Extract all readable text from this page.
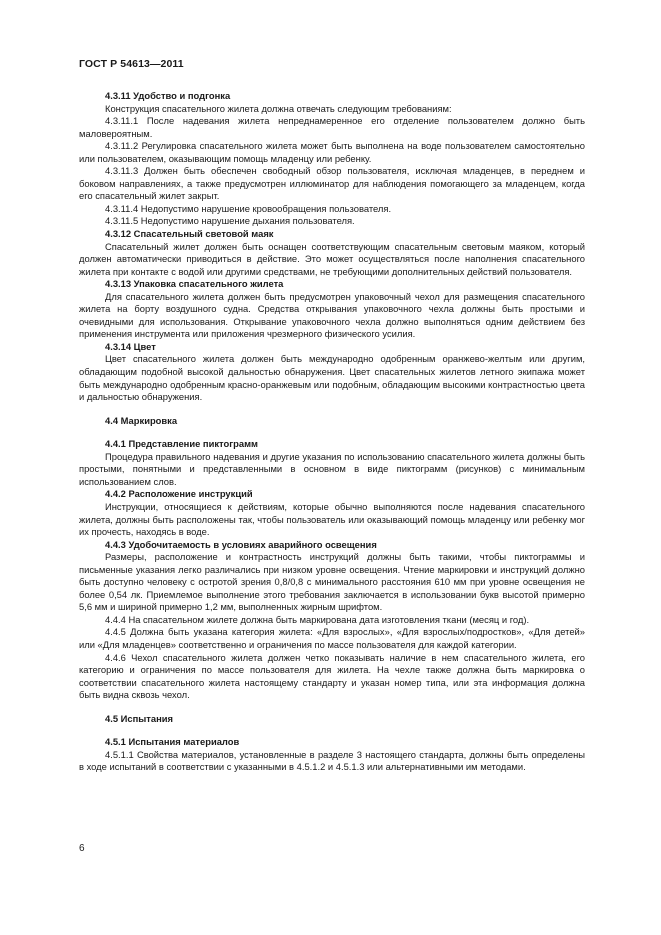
ГОСТ Р 54613—2011

4.3.11 Удобство и подгонка

Конструкция спасательного жилета должна отвечать следующим требованиям:

4.3.11.1 После надевания жилета непреднамеренное его отделение пользователем должно быть маловероятным.

4.3.11.2 Регулировка спасательного жилета может быть выполнена на воде пользователем самостоятельно или пользователем, оказывающим помощь младенцу или ребенку.

4.3.11.3 Должен быть обеспечен свободный обзор пользователя, исключая младенцев, в переднем и боковом направлениях, а также предусмотрен иллюминатор для наблюдения помогающего за младенцем, когда его спасательный жилет закрыт.

4.3.11.4 Недопустимо нарушение кровообращения пользователя.

4.3.11.5 Недопустимо нарушение дыхания пользователя.

4.3.12 Спасательный световой маяк

Спасательный жилет должен быть оснащен соответствующим спасательным световым маяком, который должен автоматически приводиться в действие. Это может осуществляться после наполнения спасательного жилета при контакте с водой или другими средствами, не требующими дополнительных действий пользователя.

4.3.13 Упаковка спасательного жилета

Для спасательного жилета должен быть предусмотрен упаковочный чехол для размещения спасательного жилета на борту воздушного судна. Средства открывания упаковочного чехла должны быть простыми и очевидными для использования. Открывание упаковочного чехла должно выполняться одним действием без применения инструмента или приложения чрезмерного физического усилия.

4.3.14 Цвет

Цвет спасательного жилета должен быть международно одобренным оранжево-желтым или другим, обладающим подобной высокой дальностью обнаружения. Цвет спасательных жилетов летного экипажа может быть международно одобренным красно-оранжевым или подобным, обладающим высокими контрастностью цвета и дальностью обнаружения.

4.4 Маркировка

4.4.1 Представление пиктограмм

Процедура правильного надевания и другие указания по использованию спасательного жилета должны быть простыми, понятными и представленными в основном в виде пиктограмм (рисунков) с минимальным использованием слов.

4.4.2 Расположение инструкций

Инструкции, относящиеся к действиям, которые обычно выполняются после надевания спасательного жилета, должны быть расположены так, чтобы пользователь или оказывающий помощь младенцу или ребенку мог их прочесть, находясь в воде.

4.4.3 Удобочитаемость в условиях аварийного освещения

Размеры, расположение и контрастность инструкций должны быть такими, чтобы пиктограммы и письменные указания легко различались при низком уровне освещения. Чтение маркировки и инструкций должно быть доступно человеку с остротой зрения 0,8/0,8 с минимального расстояния 610 мм при уровне освещения не более 0,54 лк. Приемлемое выполнение этого требования заключается в использовании букв высотой примерно 5,6 мм и шириной примерно 1,2 мм, выполненных жирным шрифтом.

4.4.4 На спасательном жилете должна быть маркирована дата изготовления ткани (месяц и год).

4.4.5 Должна быть указана категория жилета: «Для взрослых», «Для взрослых/подростков», «Для детей» или «Для младенцев» соответственно и ограничения по массе пользователя для каждой категории.

4.4.6 Чехол спасательного жилета должен четко показывать наличие в нем спасательного жилета, его категорию и ограничения по массе пользователя для жилета. На чехле также должна быть маркировка о соответствии спасательного жилета настоящему стандарту и указан номер типа, или эта информация должна быть видна сквозь чехол.

4.5 Испытания

4.5.1 Испытания материалов

4.5.1.1 Свойства материалов, установленные в разделе 3 настоящего стандарта, должны быть определены в ходе испытаний в соответствии с указанными в 4.5.1.2 и 4.5.1.3 или альтернативными им методами.

6
